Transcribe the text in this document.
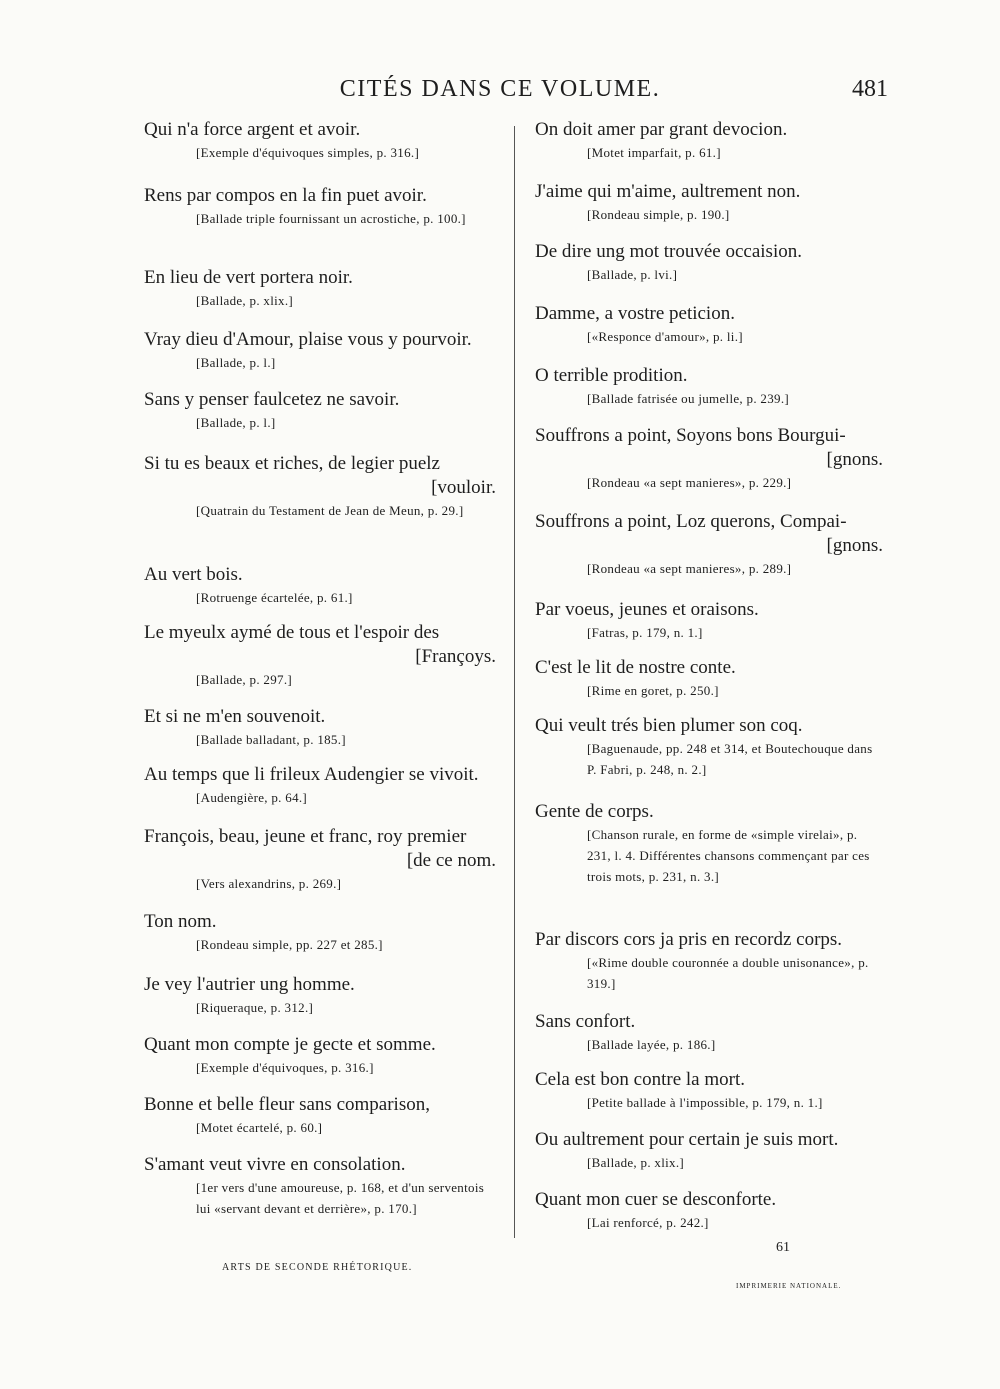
CITÉS DANS CE VOLUME.	481
Qui n'a force argent et avoir.
[Exemple d'équivoques simples, p. 316.]
Rens par compos en la fin puet avoir.
[Ballade triple fournissant un acrostiche, p. 100.]
En lieu de vert portera noir.
[Ballade, p. xlix.]
Vray dieu d'Amour, plaise vous y pourvoir.
[Ballade, p. l.]
Sans y penser faulcetez ne savoir.
[Ballade, p. l.]
Si tu es beaux et riches, de legier puelz
[vouloir.
[Quatrain du Testament de Jean de Meun, p. 29.]
Au vert bois.
[Rotruenge écartelée, p. 61.]
Le myeulx aymé de tous et l'espoir des
[Françoys.
[Ballade, p. 297.]
Et si ne m'en souvenoit.
[Ballade balladant, p. 185.]
Au temps que li frileux Audengier se vivoit.
[Audengière, p. 64.]
François, beau, jeune et franc, roy premier
[de ce nom.
[Vers alexandrins, p. 269.]
Ton nom.
[Rondeau simple, pp. 227 et 285.]
Je vey l'autrier ung homme.
[Riqueraque, p. 312.]
Quant mon compte je gecte et somme.
[Exemple d'équivoques, p. 316.]
Bonne et belle fleur sans comparison,
[Motet écartelé, p. 60.]
S'amant veut vivre en consolation.
[1er vers d'une amoureuse, p. 168, et d'un serventois lui «servant devant et derrière», p. 170.]
On doit amer par grant devocion.
[Motet imparfait, p. 61.]
J'aime qui m'aime, aultrement non.
[Rondeau simple, p. 190.]
De dire ung mot trouvée occaision.
[Ballade, p. lvi.]
Damme, a vostre peticion.
[«Responce d'amour», p. li.]
O terrible prodition.
[Ballade fatrisée ou jumelle, p. 239.]
Souffrons a point, Soyons bons Bourgui-
[gnons.
[Rondeau «a sept manieres», p. 229.]
Souffrons a point, Loz querons, Compai-
[gnons.
[Rondeau «a sept manieres», p. 289.]
Par voeus, jeunes et oraisons.
[Fatras, p. 179, n. 1.]
C'est le lit de nostre conte.
[Rime en goret, p. 250.]
Qui veult trés bien plumer son coq.
[Baguenaude, pp. 248 et 314, et Boutechouque dans P. Fabri, p. 248, n. 2.]
Gente de corps.
[Chanson rurale, en forme de «simple virelai», p. 231, l. 4. Différentes chansons commençant par ces trois mots, p. 231, n. 3.]
Par discors cors ja pris en recordz corps.
[«Rime double couronnée a double unisonance», p. 319.]
Sans confort.
[Ballade layée, p. 186.]
Cela est bon contre la mort.
[Petite ballade à l'impossible, p. 179, n. 1.]
Ou aultrement pour certain je suis mort.
[Ballade, p. xlix.]
Quant mon cuer se desconforte.
[Lai renforcé, p. 242.]
ARTS DE SECONDE RHÉTORIQUE.
61
IMPRIMERIE NATIONALE.
